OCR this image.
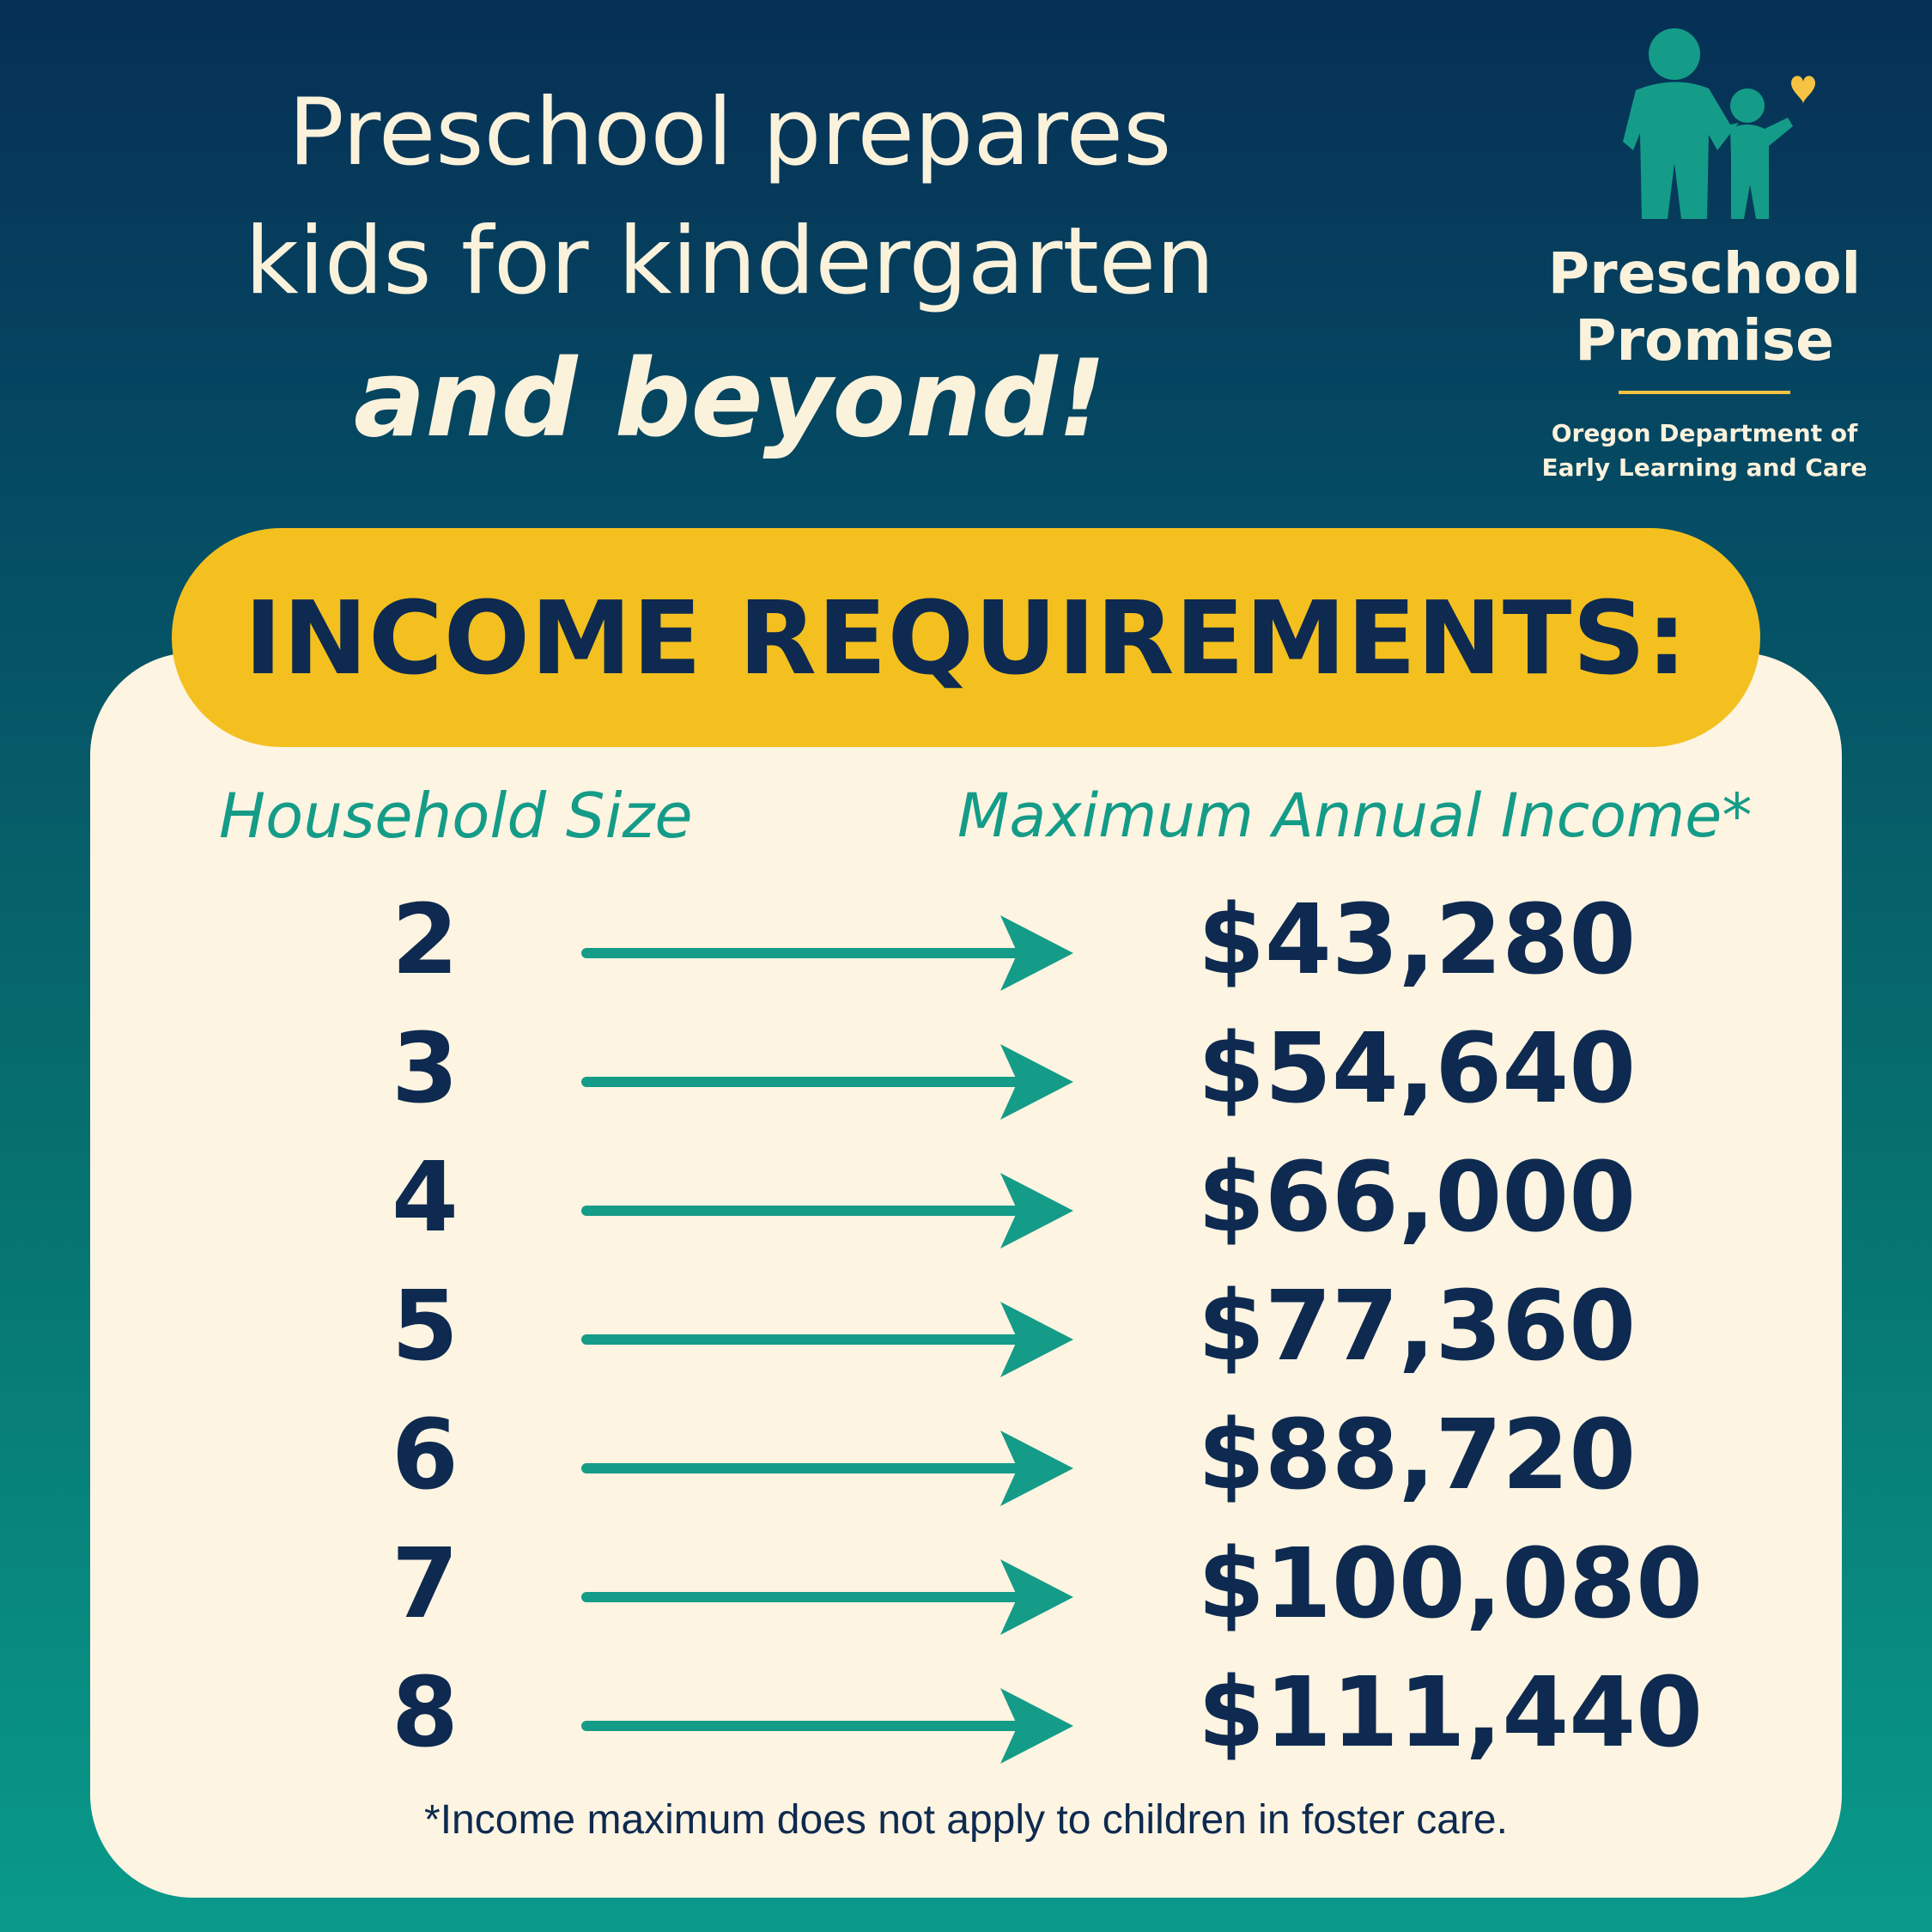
Preschool prepares
kids for kindergarten
and beyond!
Preschool
Promise
Oregon Department of
Early Learning and Care
INCOME REQUIREMENTS:
Household Size	Maximum Annual Income*
2	$43,280
3	$54,640
4	$66,000
5	$77,360
6	$88,720
7	$100,080
8	$111,440
*Income maximum does not apply to children in foster care.
